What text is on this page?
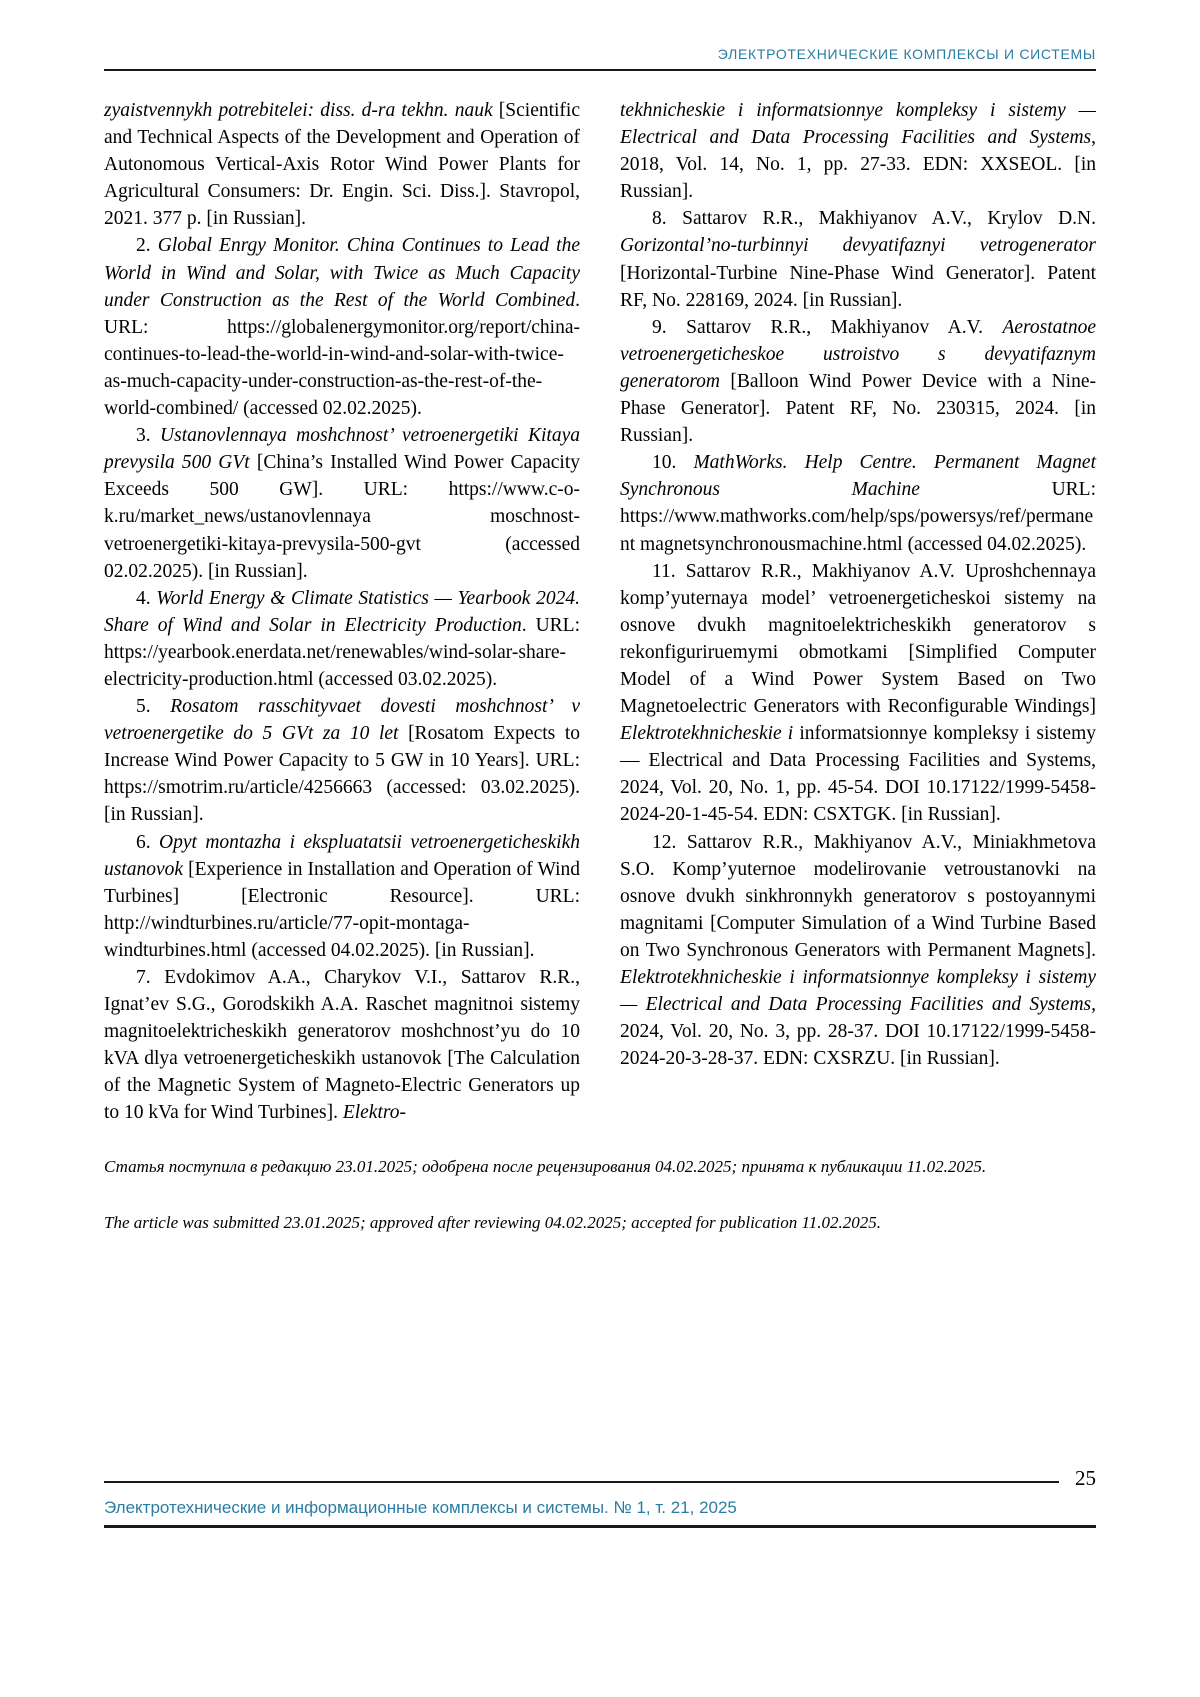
ЭЛЕКТРОТЕХНИЧЕСКИЕ КОМПЛЕКСЫ И СИСТЕМЫ

zyaistvennykh potrebitelei: diss. d-ra tekhn. nauk [Scientific and Technical Aspects of the Development and Operation of Autonomous Vertical-Axis Rotor Wind Power Plants for Agricultural Consumers: Dr. Engin. Sci. Diss.]. Stavropol, 2021. 377 p. [in Russian].

2. Global Enrgy Monitor. China Continues to Lead the World in Wind and Solar, with Twice as Much Capacity under Construction as the Rest of the World Combined. URL: https://globalenergymonitor.org/report/china-continues-to-lead-the-world-in-wind-and-solar-with-twice-as-much-capacity-under-construction-as-the-rest-of-the-world-combined/ (accessed 02.02.2025).

3. Ustanovlennaya moshchnost’ vetroenergetiki Kitaya prevysila 500 GVt [China’s Installed Wind Power Capacity Exceeds 500 GW]. URL: https://www.c-o-k.ru/market_news/ustanovlennaya moschnost-vetroenergetiki-kitaya-prevysila-500-gvt (accessed 02.02.2025). [in Russian].

4. World Energy & Climate Statistics — Yearbook 2024. Share of Wind and Solar in Electricity Production. URL: https://yearbook.enerdata.net/renewables/wind-solar-share-electricity-production.html (accessed 03.02.2025).

5. Rosatom rasschityvaet dovesti moshchnost’ v vetroenergetike do 5 GVt za 10 let [Rosatom Expects to Increase Wind Power Capacity to 5 GW in 10 Years]. URL: https://smotrim.ru/article/4256663 (accessed: 03.02.2025). [in Russian].

6. Opyt montazha i ekspluatatsii vetroenergeticheskikh ustanovok [Experience in Installation and Operation of Wind Turbines] [Electronic Resource]. URL: http://windturbines.ru/article/77-opit-montaga-windturbines.html (accessed 04.02.2025). [in Russian].

7. Evdokimov A.A., Charykov V.I., Sattarov R.R., Ignat’ev S.G., Gorodskikh A.A. Raschet magnitnoi sistemy magnitoelektricheskikh generatorov moshchnost’yu do 10 kVA dlya vetroenergeticheskikh ustanovok [The Calculation of the Magnetic System of Magneto-Electric Generators up to 10 kVa for Wind Turbines]. Elektro-

tekhnicheskie i informatsionnye kompleksy i sistemy — Electrical and Data Processing Facilities and Systems, 2018, Vol. 14, No. 1, pp. 27-33. EDN: XXSEOL. [in Russian].

8. Sattarov R.R., Makhiyanov A.V., Krylov D.N. Gorizontal’no-turbinnyi devyatifaznyi vetrogenerator [Horizontal-Turbine Nine-Phase Wind Generator]. Patent RF, No. 228169, 2024. [in Russian].

9. Sattarov R.R., Makhiyanov A.V. Aerostatnoe vetroenergeticheskoe ustroistvo s devyatifaznym generatorom [Balloon Wind Power Device with a Nine-Phase Generator]. Patent RF, No. 230315, 2024. [in Russian].

10. MathWorks. Help Centre. Permanent Magnet Synchronous Machine URL: https://www.mathworks.com/help/sps/powersys/ref/permanent magnetsynchronousmachine.html (accessed 04.02.2025).

11. Sattarov R.R., Makhiyanov A.V. Uproshchennaya komp’yuternaya model’ vetroenergeticheskoi sistemy na osnove dvukh magnitoelektricheskikh generatorov s rekonfiguriruemymi obmotkami [Simplified Computer Model of a Wind Power System Based on Two Magnetoelectric Generators with Reconfigurable Windings] Elektrotekhnicheskie i informatsionnye kompleksy i sistemy — Electrical and Data Processing Facilities and Systems, 2024, Vol. 20, No. 1, pp. 45-54. DOI 10.17122/1999-5458-2024-20-1-45-54. EDN: CSXTGK. [in Russian].

12. Sattarov R.R., Makhiyanov A.V., Miniakhmetova S.O. Komp’yuternoe modelirovanie vetroustanovki na osnove dvukh sinkhronnykh generatorov s postoyannymi magnitami [Computer Simulation of a Wind Turbine Based on Two Synchronous Generators with Permanent Magnets]. Elektrotekhnicheskie i informatsionnye kompleksy i sistemy — Electrical and Data Processing Facilities and Systems, 2024, Vol. 20, No. 3, pp. 28-37. DOI 10.17122/1999-5458-2024-20-3-28-37. EDN: CXSRZU. [in Russian].

Статья поступила в редакцию 23.01.2025; одобрена после рецензирования 04.02.2025; принята к публикации 11.02.2025.

The article was submitted 23.01.2025; approved after reviewing 04.02.2025; accepted for publication 11.02.2025.

25
Электротехнические и информационные комплексы и системы. № 1, т. 21, 2025
